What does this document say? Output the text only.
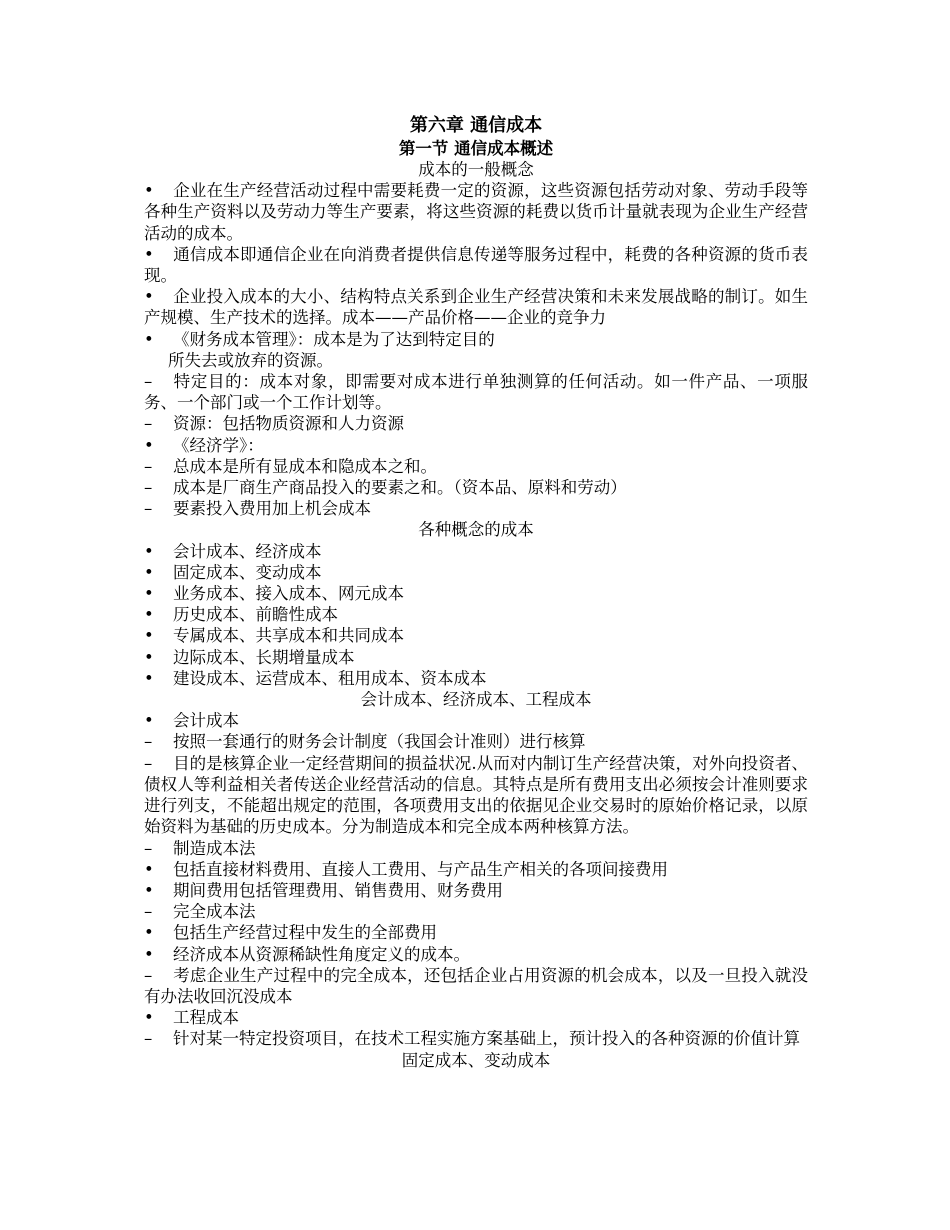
第六章 通信成本
第一节 通信成本概述
成本的一般概念
• 企业在生产经营活动过程中需要耗费一定的资源，这些资源包括劳动对象、劳动手段等各种生产资料以及劳动力等生产要素，将这些资源的耗费以货币计量就表现为企业生产经营活动的成本。
• 通信成本即通信企业在向消费者提供信息传递等服务过程中，耗费的各种资源的货币表现。
• 企业投入成本的大小、结构特点关系到企业生产经营决策和未来发展战略的制订。如生产规模、生产技术的选择。成本——产品价格——企业的竞争力
• 《财务成本管理》：成本是为了达到特定目的
所失去或放弃的资源。
– 特定目的：成本对象，即需要对成本进行单独测算的任何活动。如一件产品、一项服务、一个部门或一个工作计划等。
– 资源：包括物质资源和人力资源
• 《经济学》：
– 总成本是所有显成本和隐成本之和。
– 成本是厂商生产商品投入的要素之和。（资本品、原料和劳动）
– 要素投入费用加上机会成本
各种概念的成本
• 会计成本、经济成本
• 固定成本、变动成本
• 业务成本、接入成本、网元成本
• 历史成本、前瞻性成本
• 专属成本、共享成本和共同成本
• 边际成本、长期增量成本
• 建设成本、运营成本、租用成本、资本成本
会计成本、经济成本、工程成本
• 会计成本
– 按照一套通行的财务会计制度（我国会计准则）进行核算
– 目的是核算企业一定经营期间的损益状况.从而对内制订生产经营决策，对外向投资者、债权人等利益相关者传送企业经营活动的信息。其特点是所有费用支出必须按会计准则要求进行列支，不能超出规定的范围，各项费用支出的依据见企业交易时的原始价格记录，以原始资料为基础的历史成本。分为制造成本和完全成本两种核算方法。
– 制造成本法
• 包括直接材料费用、直接人工费用、与产品生产相关的各项间接费用
• 期间费用包括管理费用、销售费用、财务费用
– 完全成本法
• 包括生产经营过程中发生的全部费用
• 经济成本从资源稀缺性角度定义的成本。
– 考虑企业生产过程中的完全成本，还包括企业占用资源的机会成本，以及一旦投入就没有办法收回沉没成本
• 工程成本
– 针对某一特定投资项目，在技术工程实施方案基础上，预计投入的各种资源的价值计算
固定成本、变动成本
